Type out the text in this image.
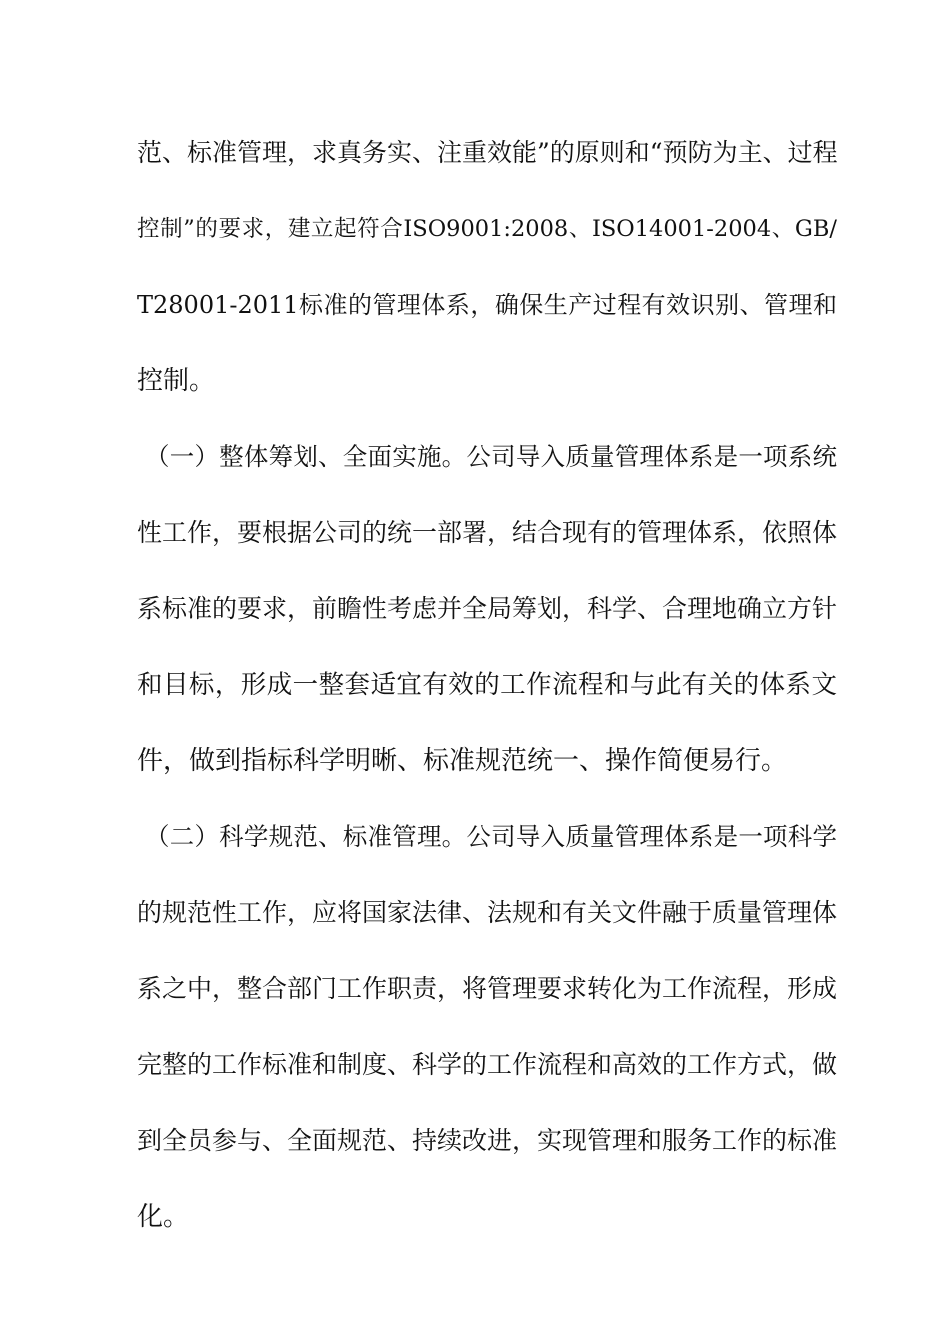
范、标准管理，求真务实、注重效能”的原则和“预防为主、过程
控制”的要求，建立起符合ISO9001:2008、ISO14001-2004、GB/
T28001-2011标准的管理体系，确保生产过程有效识别、管理和
控制。
（一）整体筹划、全面实施。公司导入质量管理体系是一项系统
性工作，要根据公司的统一部署，结合现有的管理体系，依照体
系标准的要求，前瞻性考虑并全局筹划，科学、合理地确立方针
和目标，形成一整套适宜有效的工作流程和与此有关的体系文
件，做到指标科学明晰、标准规范统一、操作简便易行。
（二）科学规范、标准管理。公司导入质量管理体系是一项科学
的规范性工作，应将国家法律、法规和有关文件融于质量管理体
系之中，整合部门工作职责，将管理要求转化为工作流程，形成
完整的工作标准和制度、科学的工作流程和高效的工作方式，做
到全员参与、全面规范、持续改进，实现管理和服务工作的标准
化。
